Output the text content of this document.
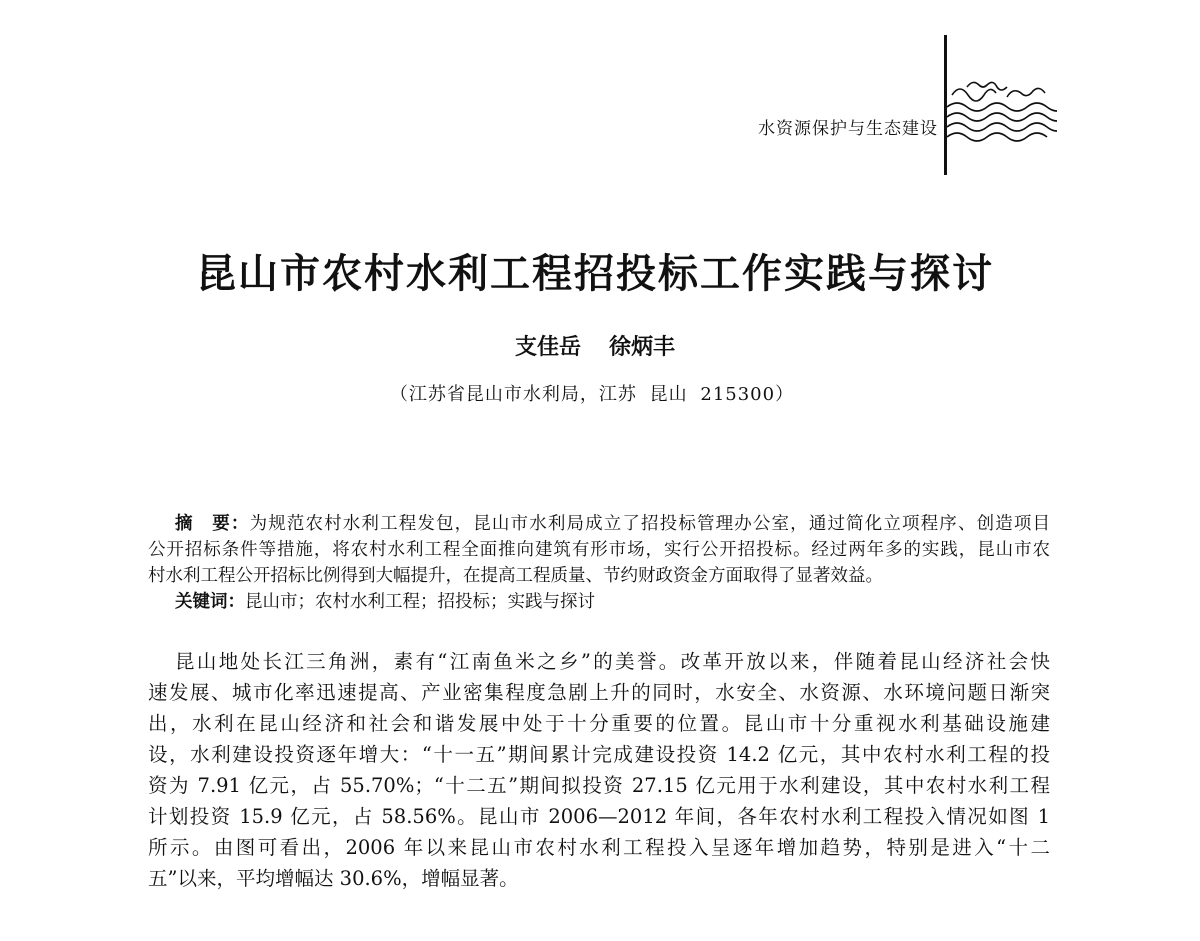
水资源保护与生态建设
昆山市农村水利工程招投标工作实践与探讨
支佳岳 徐炳丰
（江苏省昆山市水利局，江苏 昆山 215300）
摘　要：为规范农村水利工程发包，昆山市水利局成立了招投标管理办公室，通过简化立项程序、创造项目
公开招标条件等措施，将农村水利工程全面推向建筑有形市场，实行公开招投标。经过两年多的实践，昆山市农
村水利工程公开招标比例得到大幅提升，在提高工程质量、节约财政资金方面取得了显著效益。
关键词：昆山市；农村水利工程；招投标；实践与探讨
昆山地处长江三角洲，素有“江南鱼米之乡”的美誉。改革开放以来，伴随着昆山经济社会快
速发展、城市化率迅速提高、产业密集程度急剧上升的同时，水安全、水资源、水环境问题日渐突
出，水利在昆山经济和社会和谐发展中处于十分重要的位置。昆山市十分重视水利基础设施建
设，水利建设投资逐年增大：“十一五”期间累计完成建设投资 14.2 亿元，其中农村水利工程的投
资为 7.91 亿元，占 55.70%；“十二五”期间拟投资 27.15 亿元用于水利建设，其中农村水利工程
计划投资 15.9 亿元，占 58.56%。昆山市 2006—2012 年间，各年农村水利工程投入情况如图 1
所示。由图可看出，2006 年以来昆山市农村水利工程投入呈逐年增加趋势，特别是进入“十二
五”以来，平均增幅达 30.6%，增幅显著。
